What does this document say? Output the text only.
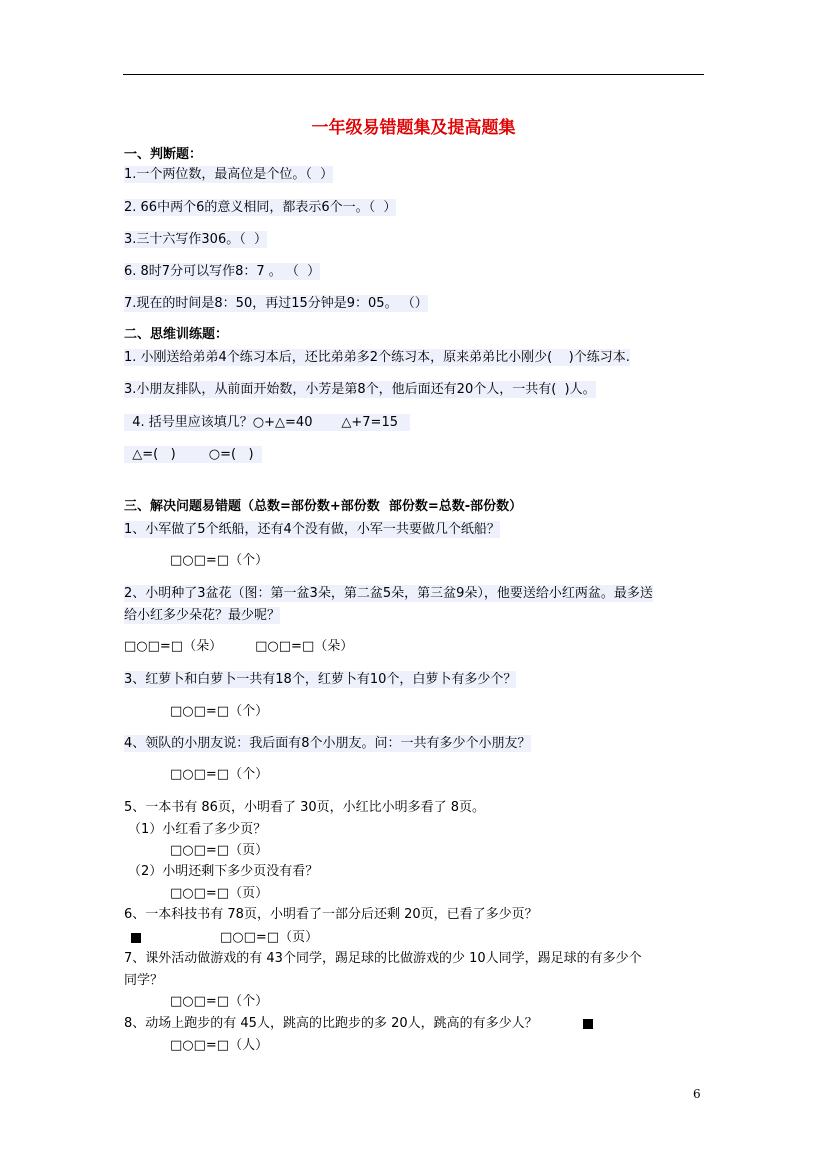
一年级易错题集及提高题集
一、判断题：
1.一个两位数，最高位是个位。（  ）
2. 66中两个6的意义相同，都表示6个一。（  ）
3.三十六写作306。（  ）
6. 8时7分可以写作8：7 。 （  ）
7.现在的时间是8：50，再过15分钟是9：05。 （）
二、思维训练题：
1. 小刚送给弟弟4个练习本后，还比弟弟多2个练习本，原来弟弟比小刚少(    )个练习本.
3.小朋友排队，从前面开始数，小芳是第8个，他后面还有20个人，一共有(  )人。
4. 括号里应该填几？○+△=40       △+7=15
△=(   )        ○=(   )
三、解决问题易错题（总数=部份数+部份数  部份数=总数-部份数）
1、小军做了5个纸船，还有4个没有做，小军一共要做几个纸船？
□○□=□（个）
2、小明种了3盆花（图：第一盆3朵，第二盆5朵，第三盆9朵），他要送给小红两盆。最多送
给小红多少朵花？最少呢？
□○□=□（朵）        □○□=□（朵）
3、红萝卜和白萝卜一共有18个，红萝卜有10个，白萝卜有多少个？
□○□=□（个）
4、领队的小朋友说：我后面有8个小朋友。问：一共有多少个小朋友？
□○□=□（个）
5、一本书有 86页，小明看了 30页，小红比小明多看了 8页。
（1）小红看了多少页？
□○□=□（页）
（2）小明还剩下多少页没有看？
□○□=□（页）
6、一本科技书有 78页，小明看了一部分后还剩 20页，已看了多少页？
□○□=□（页）
7、课外活动做游戏的有 43个同学，踢足球的比做游戏的少 10人同学，踢足球的有多少个
同学？
□○□=□（个）
8、动场上跑步的有 45人，跳高的比跑步的多 20人，跳高的有多少人？
□○□=□（人）
6
